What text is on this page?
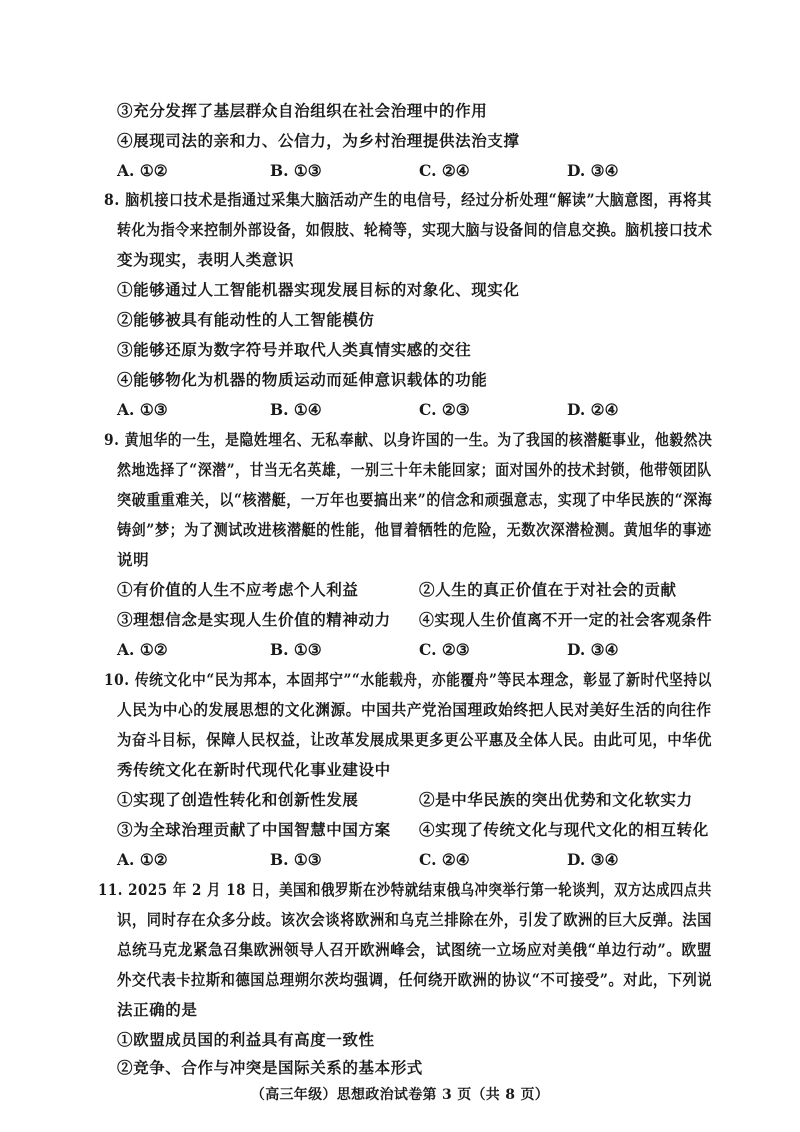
③充分发挥了基层群众自治组织在社会治理中的作用
④展现司法的亲和力、公信力，为乡村治理提供法治支撑
A. ①②	B. ①③	C. ②④	D. ③④
8. 脑机接口技术是指通过采集大脑活动产生的电信号，经过分析处理“解读”大脑意图，再将其
转化为指令来控制外部设备，如假肢、轮椅等，实现大脑与设备间的信息交换。脑机接口技术
变为现实，表明人类意识
①能够通过人工智能机器实现发展目标的对象化、现实化
②能够被具有能动性的人工智能模仿
③能够还原为数字符号并取代人类真情实感的交往
④能够物化为机器的物质运动而延伸意识载体的功能
A. ①③	B. ①④	C. ②③	D. ②④
9. 黄旭华的一生，是隐姓埋名、无私奉献、以身许国的一生。为了我国的核潜艇事业，他毅然决
然地选择了“深潜”，甘当无名英雄，一别三十年未能回家；面对国外的技术封锁，他带领团队
突破重重难关，以“核潜艇，一万年也要搞出来”的信念和顽强意志，实现了中华民族的“深海
铸剑”梦；为了测试改进核潜艇的性能，他冒着牺牲的危险，无数次深潜检测。黄旭华的事迹
说明
①有价值的人生不应考虑个人利益	②人生的真正价值在于对社会的贡献
③理想信念是实现人生价值的精神动力 ④实现人生价值离不开一定的社会客观条件
A. ①②	B. ①③	C. ②③	D. ③④
10. 传统文化中“民为邦本，本固邦宁”“水能载舟，亦能覆舟”等民本理念，彰显了新时代坚持以
人民为中心的发展思想的文化渊源。中国共产党治国理政始终把人民对美好生活的向往作
为奋斗目标，保障人民权益，让改革发展成果更多更公平惠及全体人民。由此可见，中华优
秀传统文化在新时代现代化事业建设中
①实现了创造性转化和创新性发展	②是中华民族的突出优势和文化软实力
③为全球治理贡献了中国智慧中国方案 ④实现了传统文化与现代文化的相互转化
A. ①②	B. ①③	C. ②④	D. ③④
11. 2025 年 2 月 18 日，美国和俄罗斯在沙特就结束俄乌冲突举行第一轮谈判，双方达成四点共
识，同时存在众多分歧。该次会谈将欧洲和乌克兰排除在外，引发了欧洲的巨大反弹。法国
总统马克龙紧急召集欧洲领导人召开欧洲峰会，试图统一立场应对美俄“单边行动”。欧盟
外交代表卡拉斯和德国总理朔尔茨均强调，任何绕开欧洲的协议“不可接受”。对此，下列说
法正确的是
①欧盟成员国的利益具有高度一致性
②竞争、合作与冲突是国际关系的基本形式
（高三年级）思想政治试卷第 3 页（共 8 页）
